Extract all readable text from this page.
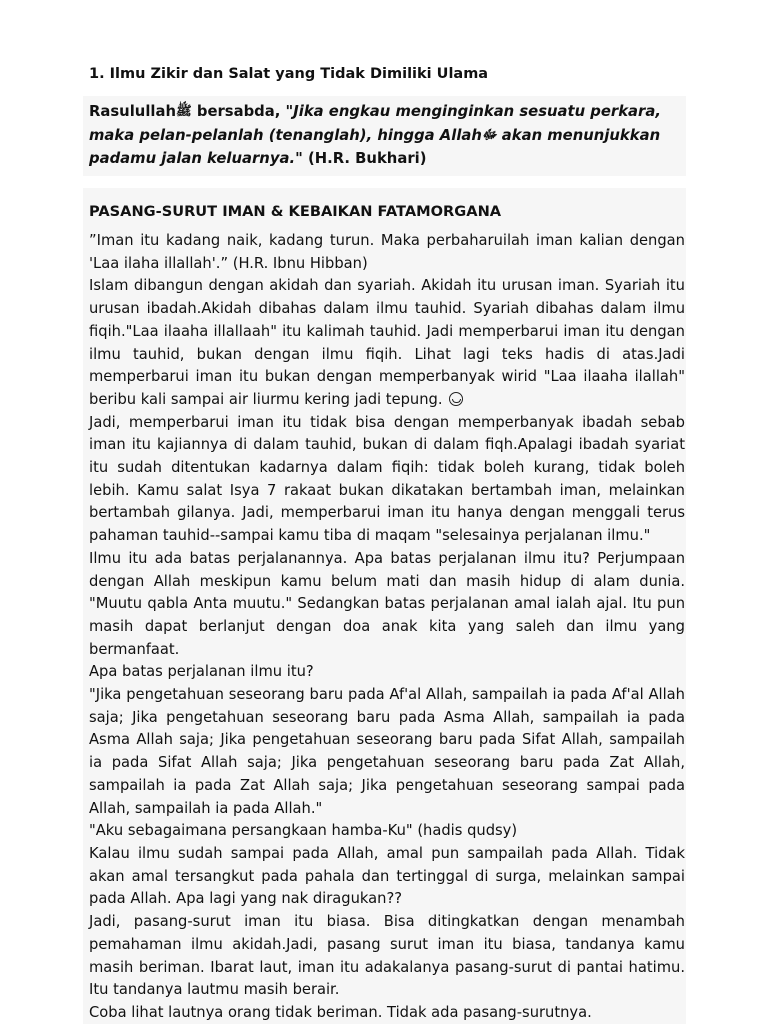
1. Ilmu Zikir dan Salat yang Tidak Dimiliki Ulama
Rasulullahﷺ bersabda, "Jika engkau menginginkan sesuatu perkara, maka pelan-pelanlah (tenanglah), hingga Allahﷻ akan menunjukkan padamu jalan keluarnya." (H.R. Bukhari)
PASANG-SURUT IMAN & KEBAIKAN FATAMORGANA

”Iman itu kadang naik, kadang turun. Maka perbaharuilah iman kalian dengan 'Laa ilaha illallah'.” (H.R. Ibnu Hibban)

Islam dibangun dengan akidah dan syariah. Akidah itu urusan iman. Syariah itu urusan ibadah.Akidah dibahas dalam ilmu tauhid. Syariah dibahas dalam ilmu fiqih."Laa ilaaha illallaah" itu kalimah tauhid. Jadi memperbarui iman itu dengan ilmu tauhid, bukan dengan ilmu fiqih. Lihat lagi teks hadis di atas.Jadi memperbarui iman itu bukan dengan memperbanyak wirid "Laa ilaaha ilallah" beribu kali sampai air liurmu kering jadi tepung.

Jadi, memperbarui iman itu tidak bisa dengan memperbanyak ibadah sebab iman itu kajiannya di dalam tauhid, bukan di dalam fiqh.Apalagi ibadah syariat itu sudah ditentukan kadarnya dalam fiqih: tidak boleh kurang, tidak boleh lebih. Kamu salat Isya 7 rakaat bukan dikatakan bertambah iman, melainkan bertambah gilanya. Jadi, memperbarui iman itu hanya dengan menggali terus pahaman tauhid--sampai kamu tiba di maqam "selesainya perjalanan ilmu."

Ilmu itu ada batas perjalanannya. Apa batas perjalanan ilmu itu? Perjumpaan dengan Allah meskipun kamu belum mati dan masih hidup di alam dunia. "Muutu qabla Anta muutu." Sedangkan batas perjalanan amal ialah ajal. Itu pun masih dapat berlanjut dengan doa anak kita yang saleh dan ilmu yang bermanfaat.

Apa batas perjalanan ilmu itu?

"Jika pengetahuan seseorang baru pada Af'al Allah, sampailah ia pada Af'al Allah saja; Jika pengetahuan seseorang baru pada Asma Allah, sampailah ia pada Asma Allah saja; Jika pengetahuan seseorang baru pada Sifat Allah, sampailah ia pada Sifat Allah saja; Jika pengetahuan seseorang baru pada Zat Allah, sampailah ia pada Zat Allah saja; Jika pengetahuan seseorang sampai pada Allah, sampailah ia pada Allah."

"Aku sebagaimana persangkaan hamba-Ku" (hadis qudsy)

Kalau ilmu sudah sampai pada Allah, amal pun sampailah pada Allah. Tidak akan amal tersangkut pada pahala dan tertinggal di surga, melainkan sampai pada Allah. Apa lagi yang nak diragukan??

Jadi, pasang-surut iman itu biasa. Bisa ditingkatkan dengan menambah pemahaman ilmu akidah.Jadi, pasang surut iman itu biasa, tandanya kamu masih beriman. Ibarat laut, iman itu adakalanya pasang-surut di pantai hatimu. Itu tandanya lautmu masih berair.

Coba lihat lautnya orang tidak beriman. Tidak ada pasang-surutnya.
